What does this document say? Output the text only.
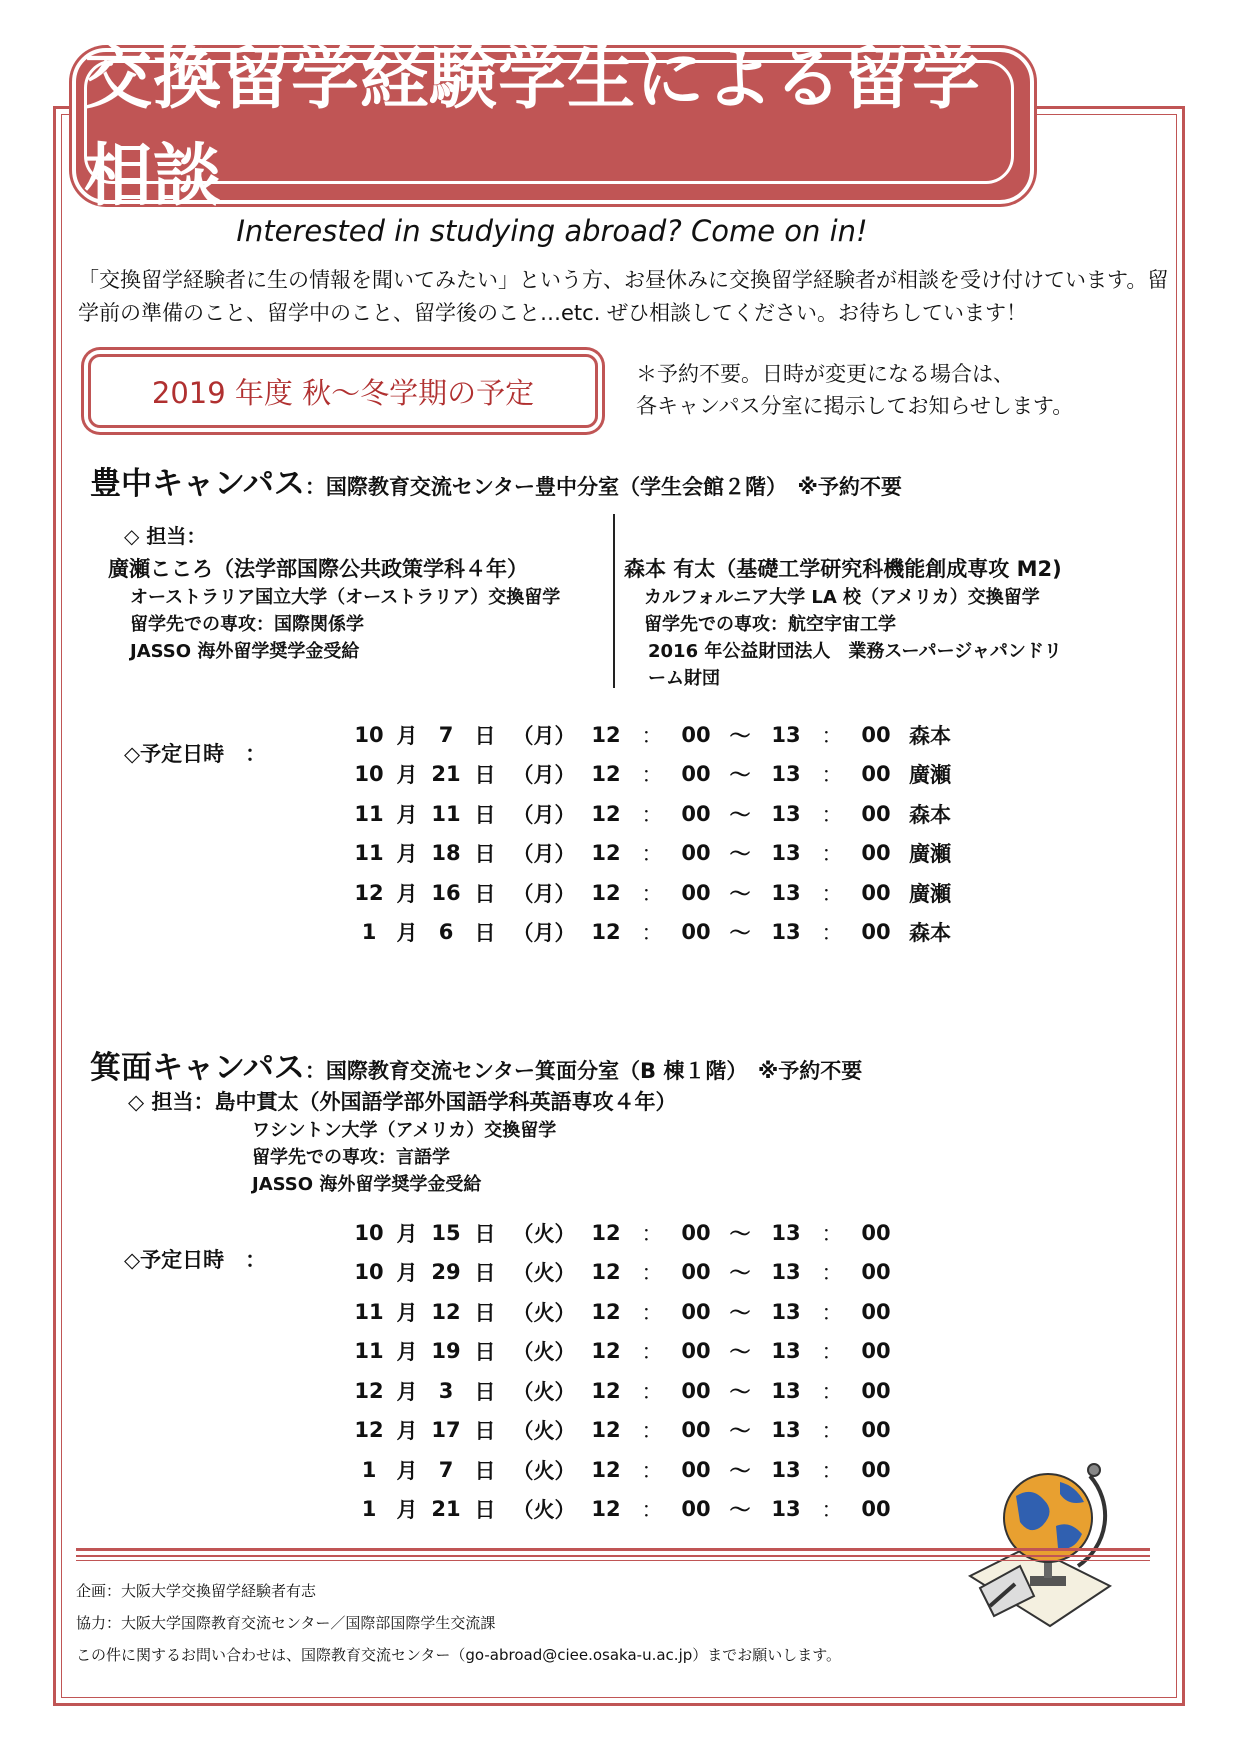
交換留学経験学生による留学相談
Interested in studying abroad? Come on in!
「交換留学経験者に生の情報を聞いてみたい」という方、お昼休みに交換留学経験者が相談を受け付けています。留学前の準備のこと、留学中のこと、留学後のこと…etc. ぜひ相談してください。お待ちしています！
2019 年度 秋～冬学期の予定
＊予約不要。日時が変更になる場合は、
各キャンパス分室に掲示してお知らせします。
豊中キャンパス：国際教育交流センター豊中分室（学生会館２階）　※予約不要
◇ 担当：
廣瀬こころ（法学部国際公共政策学科４年）
オーストラリア国立大学（オーストラリア）交換留学
留学先での専攻：国際関係学
JASSO 海外留学奨学金受給
森本 有太（基礎工学研究科機能創成専攻 M2)
カルフォルニア大学 LA 校（アメリカ）交換留学
留学先での専攻：航空宇宙工学
2016 年公益財団法人　業務スーパージャパンドリ
ーム財団
◇予定日時　：
10	月	7	日	（月）	12	：	00	～	13	：	00	森本
10	月	21	日	（月）	12	：	00	～	13	：	00	廣瀬
11	月	11	日	（月）	12	：	00	～	13	：	00	森本
11	月	18	日	（月）	12	：	00	～	13	：	00	廣瀬
12	月	16	日	（月）	12	：	00	～	13	：	00	廣瀬
1	月	6	日	（月）	12	：	00	～	13	：	00	森本
箕面キャンパス：国際教育交流センター箕面分室（B 棟１階）　※予約不要
◇ 担当：島中貫太（外国語学部外国語学科英語専攻４年）
ワシントン大学（アメリカ）交換留学
留学先での専攻：言語学
JASSO 海外留学奨学金受給
◇予定日時　：
10	月	15	日	（火）	12	：	00	～	13	：	00
10	月	29	日	（火）	12	：	00	～	13	：	00
11	月	12	日	（火）	12	：	00	～	13	：	00
11	月	19	日	（火）	12	：	00	～	13	：	00
12	月	3	日	（火）	12	：	00	～	13	：	00
12	月	17	日	（火）	12	：	00	～	13	：	00
1	月	7	日	（火）	12	：	00	～	13	：	00
1	月	21	日	（火）	12	：	00	～	13	：	00
企画：大阪大学交換留学経験者有志
協力：大阪大学国際教育交流センター／国際部国際学生交流課
この件に関するお問い合わせは、国際教育交流センター（go-abroad@ciee.osaka-u.ac.jp）までお願いします。
